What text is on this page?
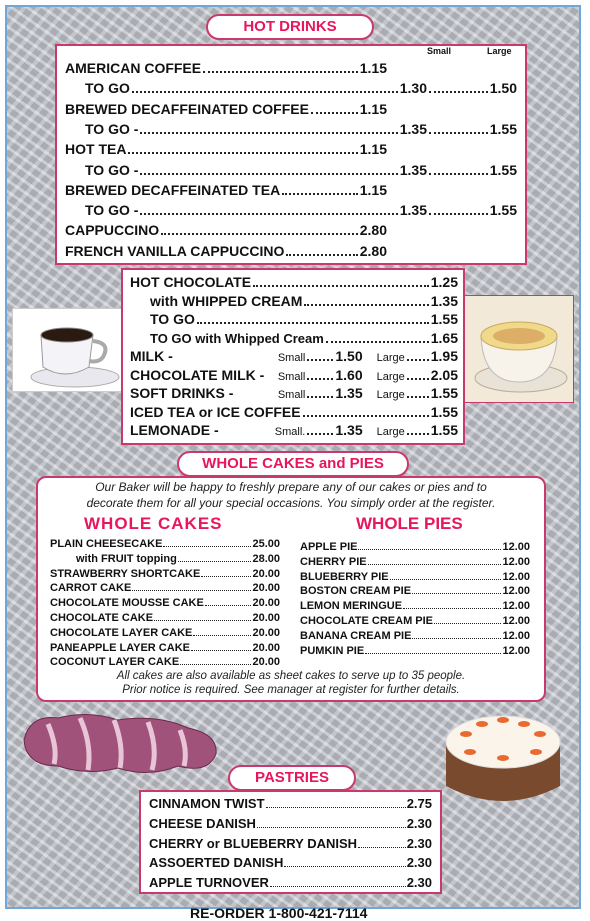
HOT DRINKS
Small	Large
AMERICAN COFFEE	1.15
TO GO	1.30	1.50
BREWED DECAFFEINATED COFFEE	1.15
TO GO -	1.35	1.55
HOT TEA	1.15
TO GO -	1.35	1.55
BREWED DECAFFEINATED TEA	1.15
TO GO -	1.35	1.55
CAPPUCCINO	2.80
FRENCH VANILLA CAPPUCCINO	2.80
HOT CHOCOLATE	1.25
with WHIPPED CREAM	1.35
TO GO	1.55
TO GO with Whipped Cream	1.65
MILK -	Small 1.50 Large 1.95
CHOCOLATE MILK - Small 1.60 Large 2.05
SOFT DRINKS -	Small 1.35 Large 1.55
LEMONADE -	Small. 1.35 Large 1.55
ICED TEA or ICE COFFEE	1.55
WHOLE CAKES and PIES
Our Baker will be happy to freshly prepare any of our cakes or pies and to
decorate them for all your special occasions. You simply order at the register.
WHOLE CAKES	WHOLE PIES
PLAIN CHEESECAKE	25.00
with FRUIT topping	28.00
STRAWBERRY SHORTCAKE	20.00
CARROT CAKE	20.00
CHOCOLATE MOUSSE CAKE	20.00
CHOCOLATE CAKE	20.00
CHOCOLATE LAYER CAKE	20.00
PANEAPPLE LAYER CAKE	20.00
COCONUT LAYER CAKE	20.00
APPLE PIE	12.00
CHERRY PIE	12.00
BLUEBERRY PIE	12.00
BOSTON CREAM PIE	12.00
LEMON MERINGUE	12.00
CHOCOLATE CREAM PIE	12.00
BANANA CREAM PIE	12.00
PUMKIN PIE	12.00
All cakes are also available as sheet cakes to serve up to 35 people.
Prior notice is required. See manager at register for further details.
PASTRIES
CINNAMON TWIST	2.75
CHEESE DANISH	2.30
CHERRY or BLUEBERRY DANISH	2.30
ASSOERTED DANISH	2.30
APPLE TURNOVER	2.30
RE-ORDER 1-800-421-7114
